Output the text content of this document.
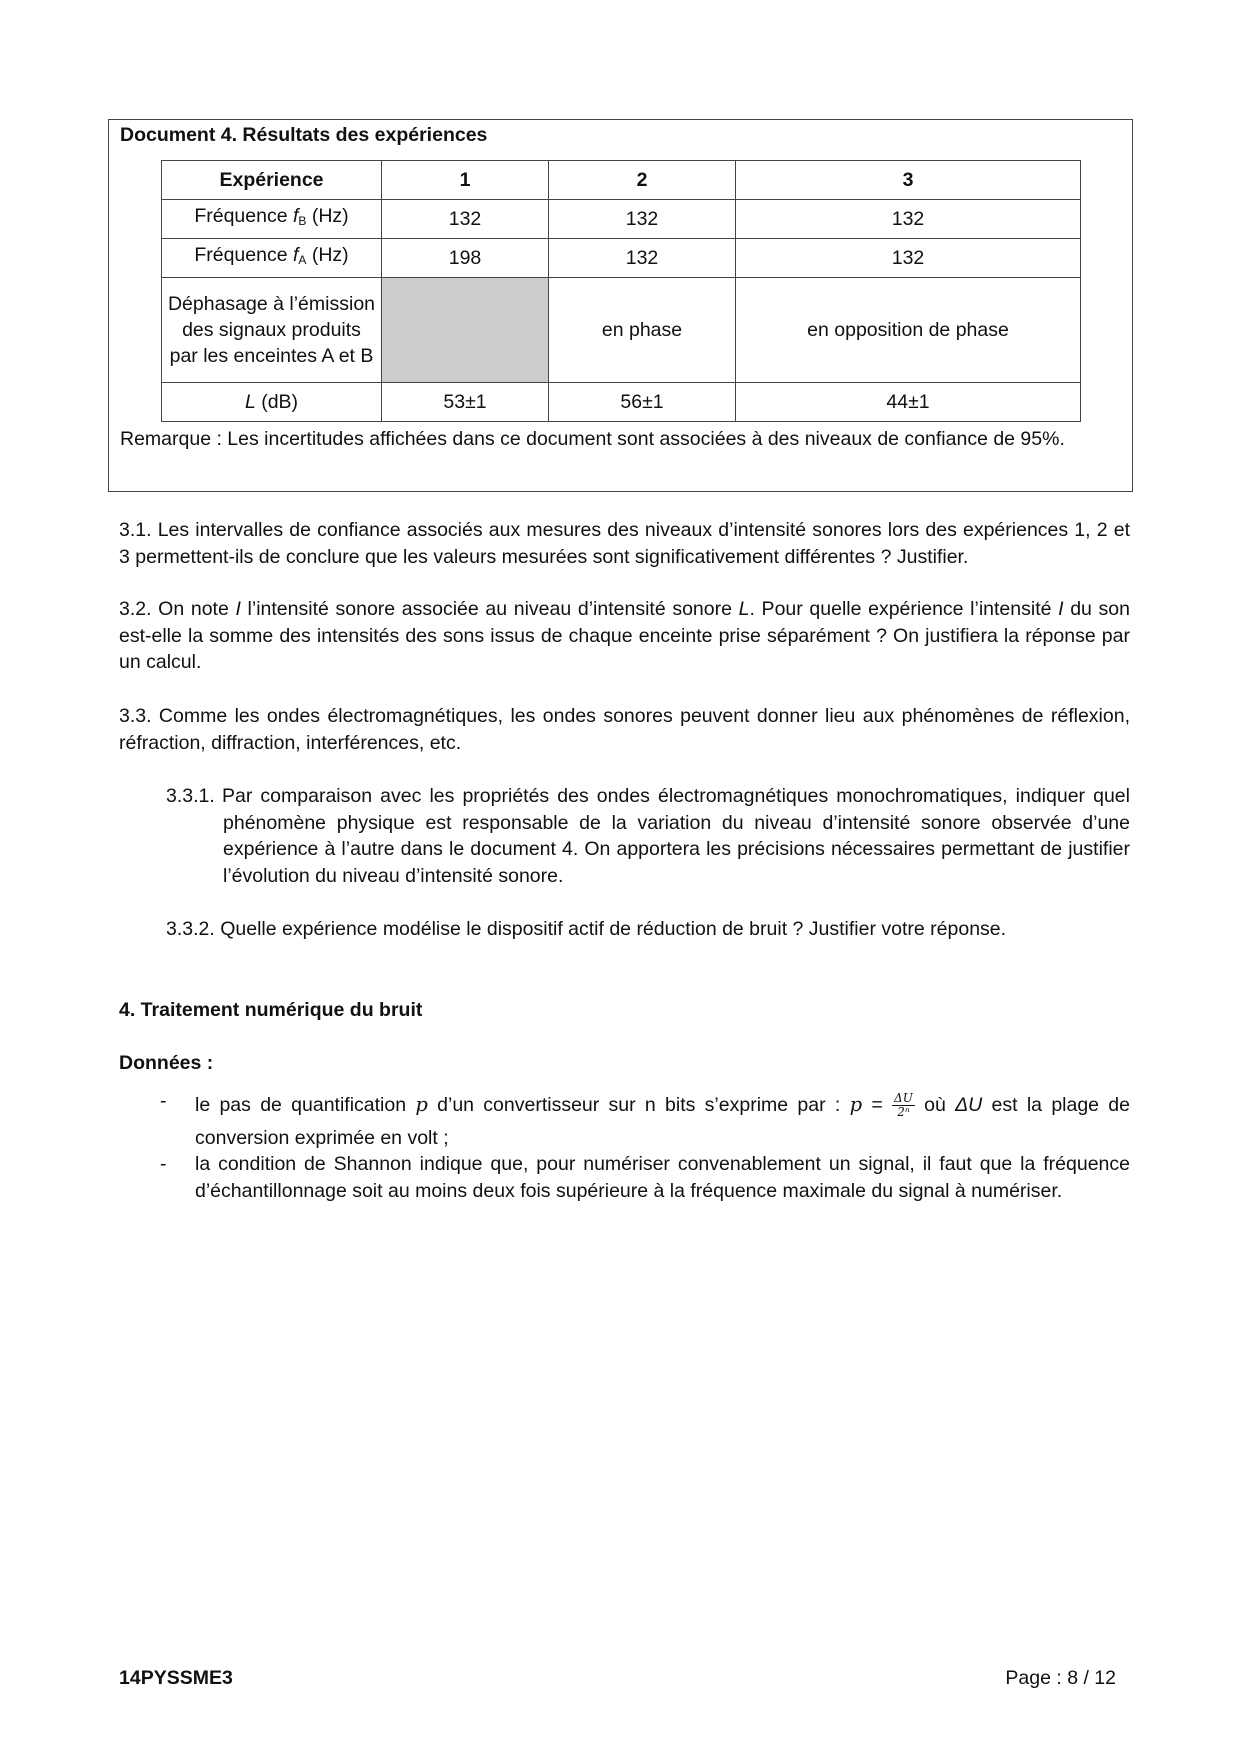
Document 4. Résultats des expériences
Expérience	1	2	3
Fréquence $f_B$ (Hz)	132	132	132
Fréquence $f_A$ (Hz)	198	132	132
Déphasage à l’émission des signaux produits par les enceintes A et B		en phase	en opposition de phase
L (dB)	53±1	56±1	44±1
Remarque : Les incertitudes affichées dans ce document sont associées à des niveaux de confiance de 95%.
3.1. Les intervalles de confiance associés aux mesures des niveaux d’intensité sonores lors des expériences 1, 2 et 3 permettent-ils de conclure que les valeurs mesurées sont significativement différentes ? Justifier.
3.2. On note I l’intensité sonore associée au niveau d’intensité sonore L. Pour quelle expérience l’intensité I du son est-elle la somme des intensités des sons issus de chaque enceinte prise séparément ? On justifiera la réponse par un calcul.
3.3. Comme les ondes électromagnétiques, les ondes sonores peuvent donner lieu aux phénomènes de réflexion, réfraction, diffraction, interférences, etc.
3.3.1. Par comparaison avec les propriétés des ondes électromagnétiques monochromatiques, indiquer quel phénomène physique est responsable de la variation du niveau d’intensité sonore observée d’une expérience à l’autre dans le document 4. On apportera les précisions nécessaires permettant de justifier l’évolution du niveau d’intensité sonore.
3.3.2. Quelle expérience modélise le dispositif actif de réduction de bruit ? Justifier votre réponse.
4. Traitement numérique du bruit
Données :
- le pas de quantification p d’un convertisseur sur n bits s’exprime par : $p = \frac{\Delta U}{\text{2ⁿ}}$ où ΔU est la plage de conversion exprimée en volt ;
- la condition de Shannon indique que, pour numériser convenablement un signal, il faut que la fréquence d’échantillonnage soit au moins deux fois supérieure à la fréquence maximale du signal à numériser.
14PYSSME3	Page : 8 / 12
